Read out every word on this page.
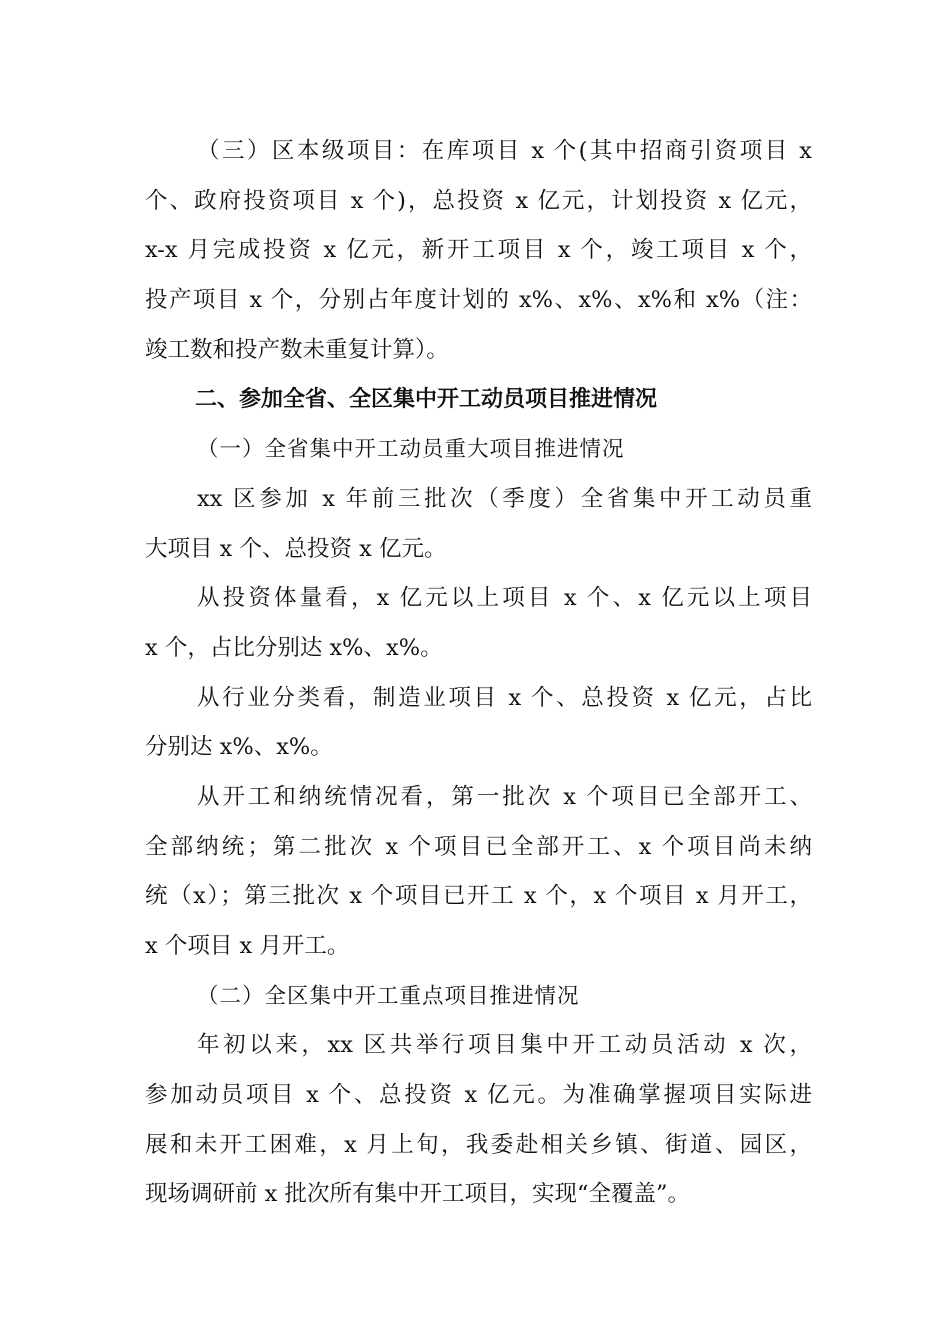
（三）区本级项目：在库项目 x 个(其中招商引资项目 x
个、政府投资项目 x 个)，总投资 x 亿元，计划投资 x 亿元，
x-x 月完成投资 x 亿元，新开工项目 x 个，竣工项目 x 个，
投产项目 x 个，分别占年度计划的 x%、x%、x%和 x%（注：
竣工数和投产数未重复计算）。
二、参加全省、全区集中开工动员项目推进情况
（一）全省集中开工动员重大项目推进情况
xx 区参加 x 年前三批次（季度）全省集中开工动员重
大项目 x 个、总投资 x 亿元。
从投资体量看，x 亿元以上项目 x 个、x 亿元以上项目
x 个，占比分别达 x%、x%。
从行业分类看，制造业项目 x 个、总投资 x 亿元，占比
分别达 x%、x%。
从开工和纳统情况看，第一批次 x 个项目已全部开工、
全部纳统；第二批次 x 个项目已全部开工、x 个项目尚未纳
统（x）；第三批次 x 个项目已开工 x 个，x 个项目 x 月开工，
x 个项目 x 月开工。
（二）全区集中开工重点项目推进情况
年初以来，xx 区共举行项目集中开工动员活动 x 次，
参加动员项目 x 个、总投资 x 亿元。为准确掌握项目实际进
展和未开工困难，x 月上旬，我委赴相关乡镇、街道、园区，
现场调研前 x 批次所有集中开工项目，实现“全覆盖”。
